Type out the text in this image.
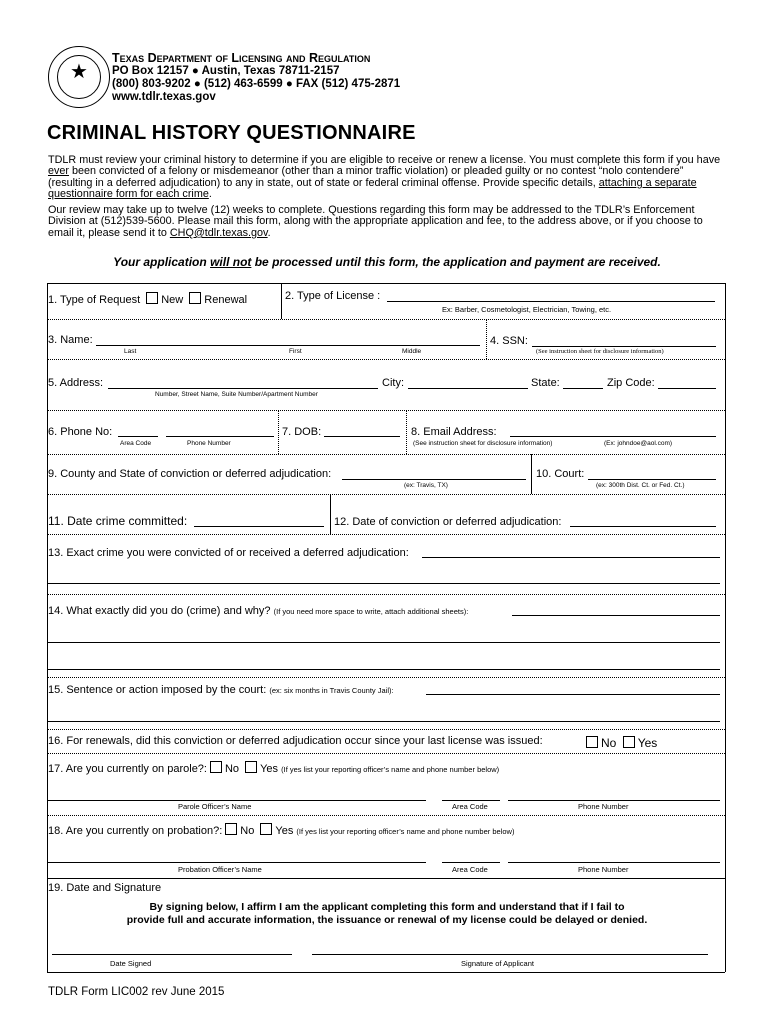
★
Texas Department of Licensing and Regulation
PO Box 12157 ● Austin, Texas 78711-2157
(800) 803-9202 ● (512) 463-6599 ● FAX (512) 475-2871
www.tdlr.texas.gov
CRIMINAL HISTORY QUESTIONNAIRE

TDLR must review your criminal history to determine if you are eligible to receive or renew a license. You must complete this form if you have ever been convicted of a felony or misdemeanor (other than a minor traffic violation) or pleaded guilty or no contest “nolo contendere” (resulting in a deferred adjudication) to any in state, out of state or federal criminal offense. Provide specific details, attaching a separate questionnaire form for each crime.

Our review may take up to twelve (12) weeks to complete. Questions regarding this form may be addressed to the TDLR’s Enforcement Division at (512)539-5600. Please mail this form, along with the appropriate application and fee, to the address above, or if you choose to email it, please send it to CHQ@tdlr.texas.gov.

Your application will not be processed until this form, the application and payment are received.
1. Type of Request New Renewal	2. Type of License :
Ex: Barber, Cosmetologist, Electrician, Towing, etc.
3. Name:
Last	First	Middle
4. SSN:
(See instruction sheet for disclosure information)
5. Address:
Number, Street Name, Suite Number/Apartment Number
City:	State:	Zip Code:
6. Phone No:
Area Code	Phone Number
7. DOB:	8. Email Address:
(See instruction sheet for disclosure information)	(Ex: johndoe@aol.com)
9. County and State of conviction or deferred adjudication:
(ex: Travis, TX)
10. Court:
(ex: 300th Dist. Ct. or Fed. Ct.)
11. Date crime committed:	12. Date of conviction or deferred adjudication:
13. Exact crime you were convicted of or received a deferred adjudication:
14. What exactly did you do (crime) and why? (If you need more space to write, attach additional sheets):
15. Sentence or action imposed by the court: (ex: six months in Travis County Jail):
16. For renewals, did this conviction or deferred adjudication occur since your last license was issued:	No Yes
17. Are you currently on parole?: No Yes (If yes list your reporting officer’s name and phone number below)
Parole Officer’s Name	Area Code	Phone Number
18. Are you currently on probation?: No Yes (If yes list your reporting officer’s name and phone number below)
Probation Officer’s Name	Area Code	Phone Number
19. Date and Signature
By signing below, I affirm I am the applicant completing this form and understand that if I fail to
provide full and accurate information, the issuance or renewal of my license could be delayed or denied.
Date Signed	Signature of Applicant
TDLR Form LIC002 rev June 2015
